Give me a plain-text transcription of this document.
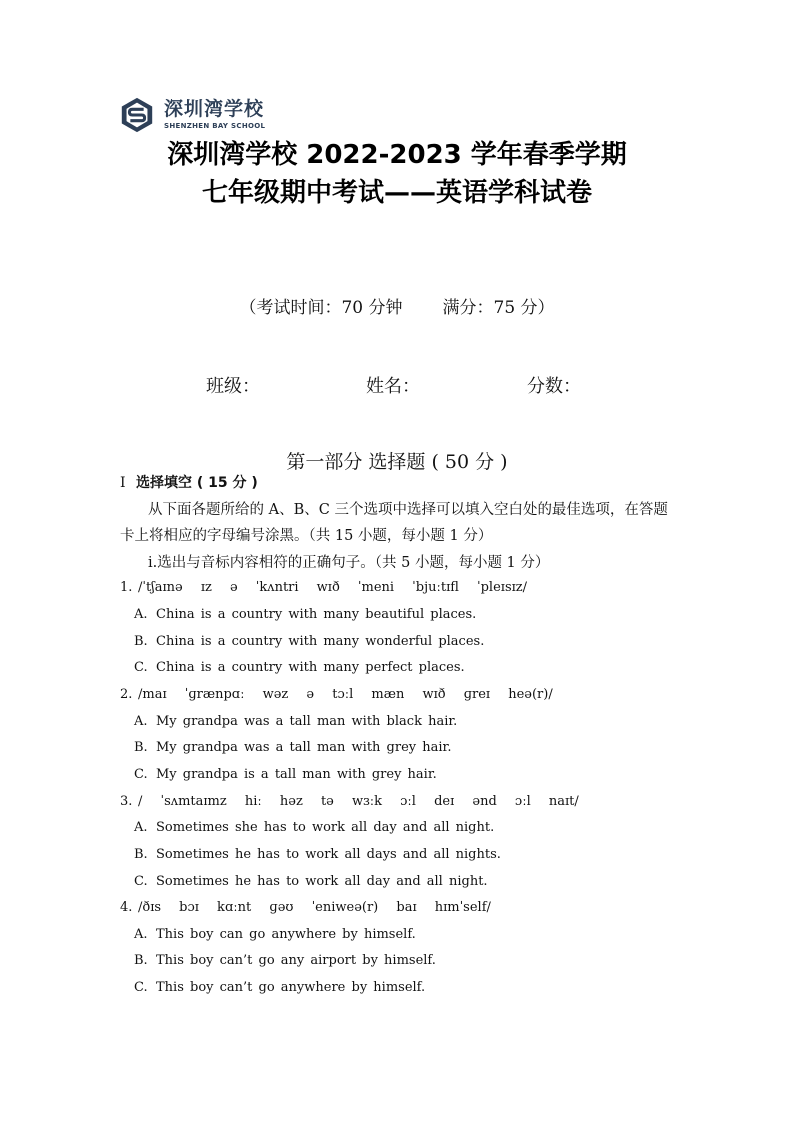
深圳湾学校
SHENZHEN BAY SCHOOL
深圳湾学校 2022-2023 学年春季学期
七年级期中考试——英语学科试卷
（考试时间：70 分钟 满分：75 分）
班级：	姓名：	分数：
第一部分 选择题 ( 50 分 )
I 选择填空 ( 15 分 )
从下面各题所给的 A、B、C 三个选项中选择可以填入空白处的最佳选项，在答题卡上将相应的字母编号涂黑。（共 15 小题，每小题 1 分）
i.选出与音标内容相符的正确句子。（共 5 小题，每小题 1 分）
1. /ˈtʃaɪnə ɪz ə ˈkʌntri wɪð ˈmeni ˈbjuːtɪfl ˈpleɪsɪz/
A. China is a country with many beautiful places.
B. China is a country with many wonderful places.
C. China is a country with many perfect places.
2. /maɪ ˈɡrænpɑː wəz ə tɔːl mæn wɪð ɡreɪ heə(r)/
A. My grandpa was a tall man with black hair.
B. My grandpa was a tall man with grey hair.
C. My grandpa is a tall man with grey hair.
3. / ˈsʌmtaɪmz hiː həz tə wɜːk ɔːl deɪ ənd ɔːl naɪt/
A. Sometimes she has to work all day and all night.
B. Sometimes he has to work all days and all nights.
C. Sometimes he has to work all day and all night.
4. /ðɪs bɔɪ kɑːnt ɡəʊ ˈeniweə(r) baɪ hɪmˈself/
A. This boy can go anywhere by himself.
B. This boy can’t go any airport by himself.
C. This boy can’t go anywhere by himself.
